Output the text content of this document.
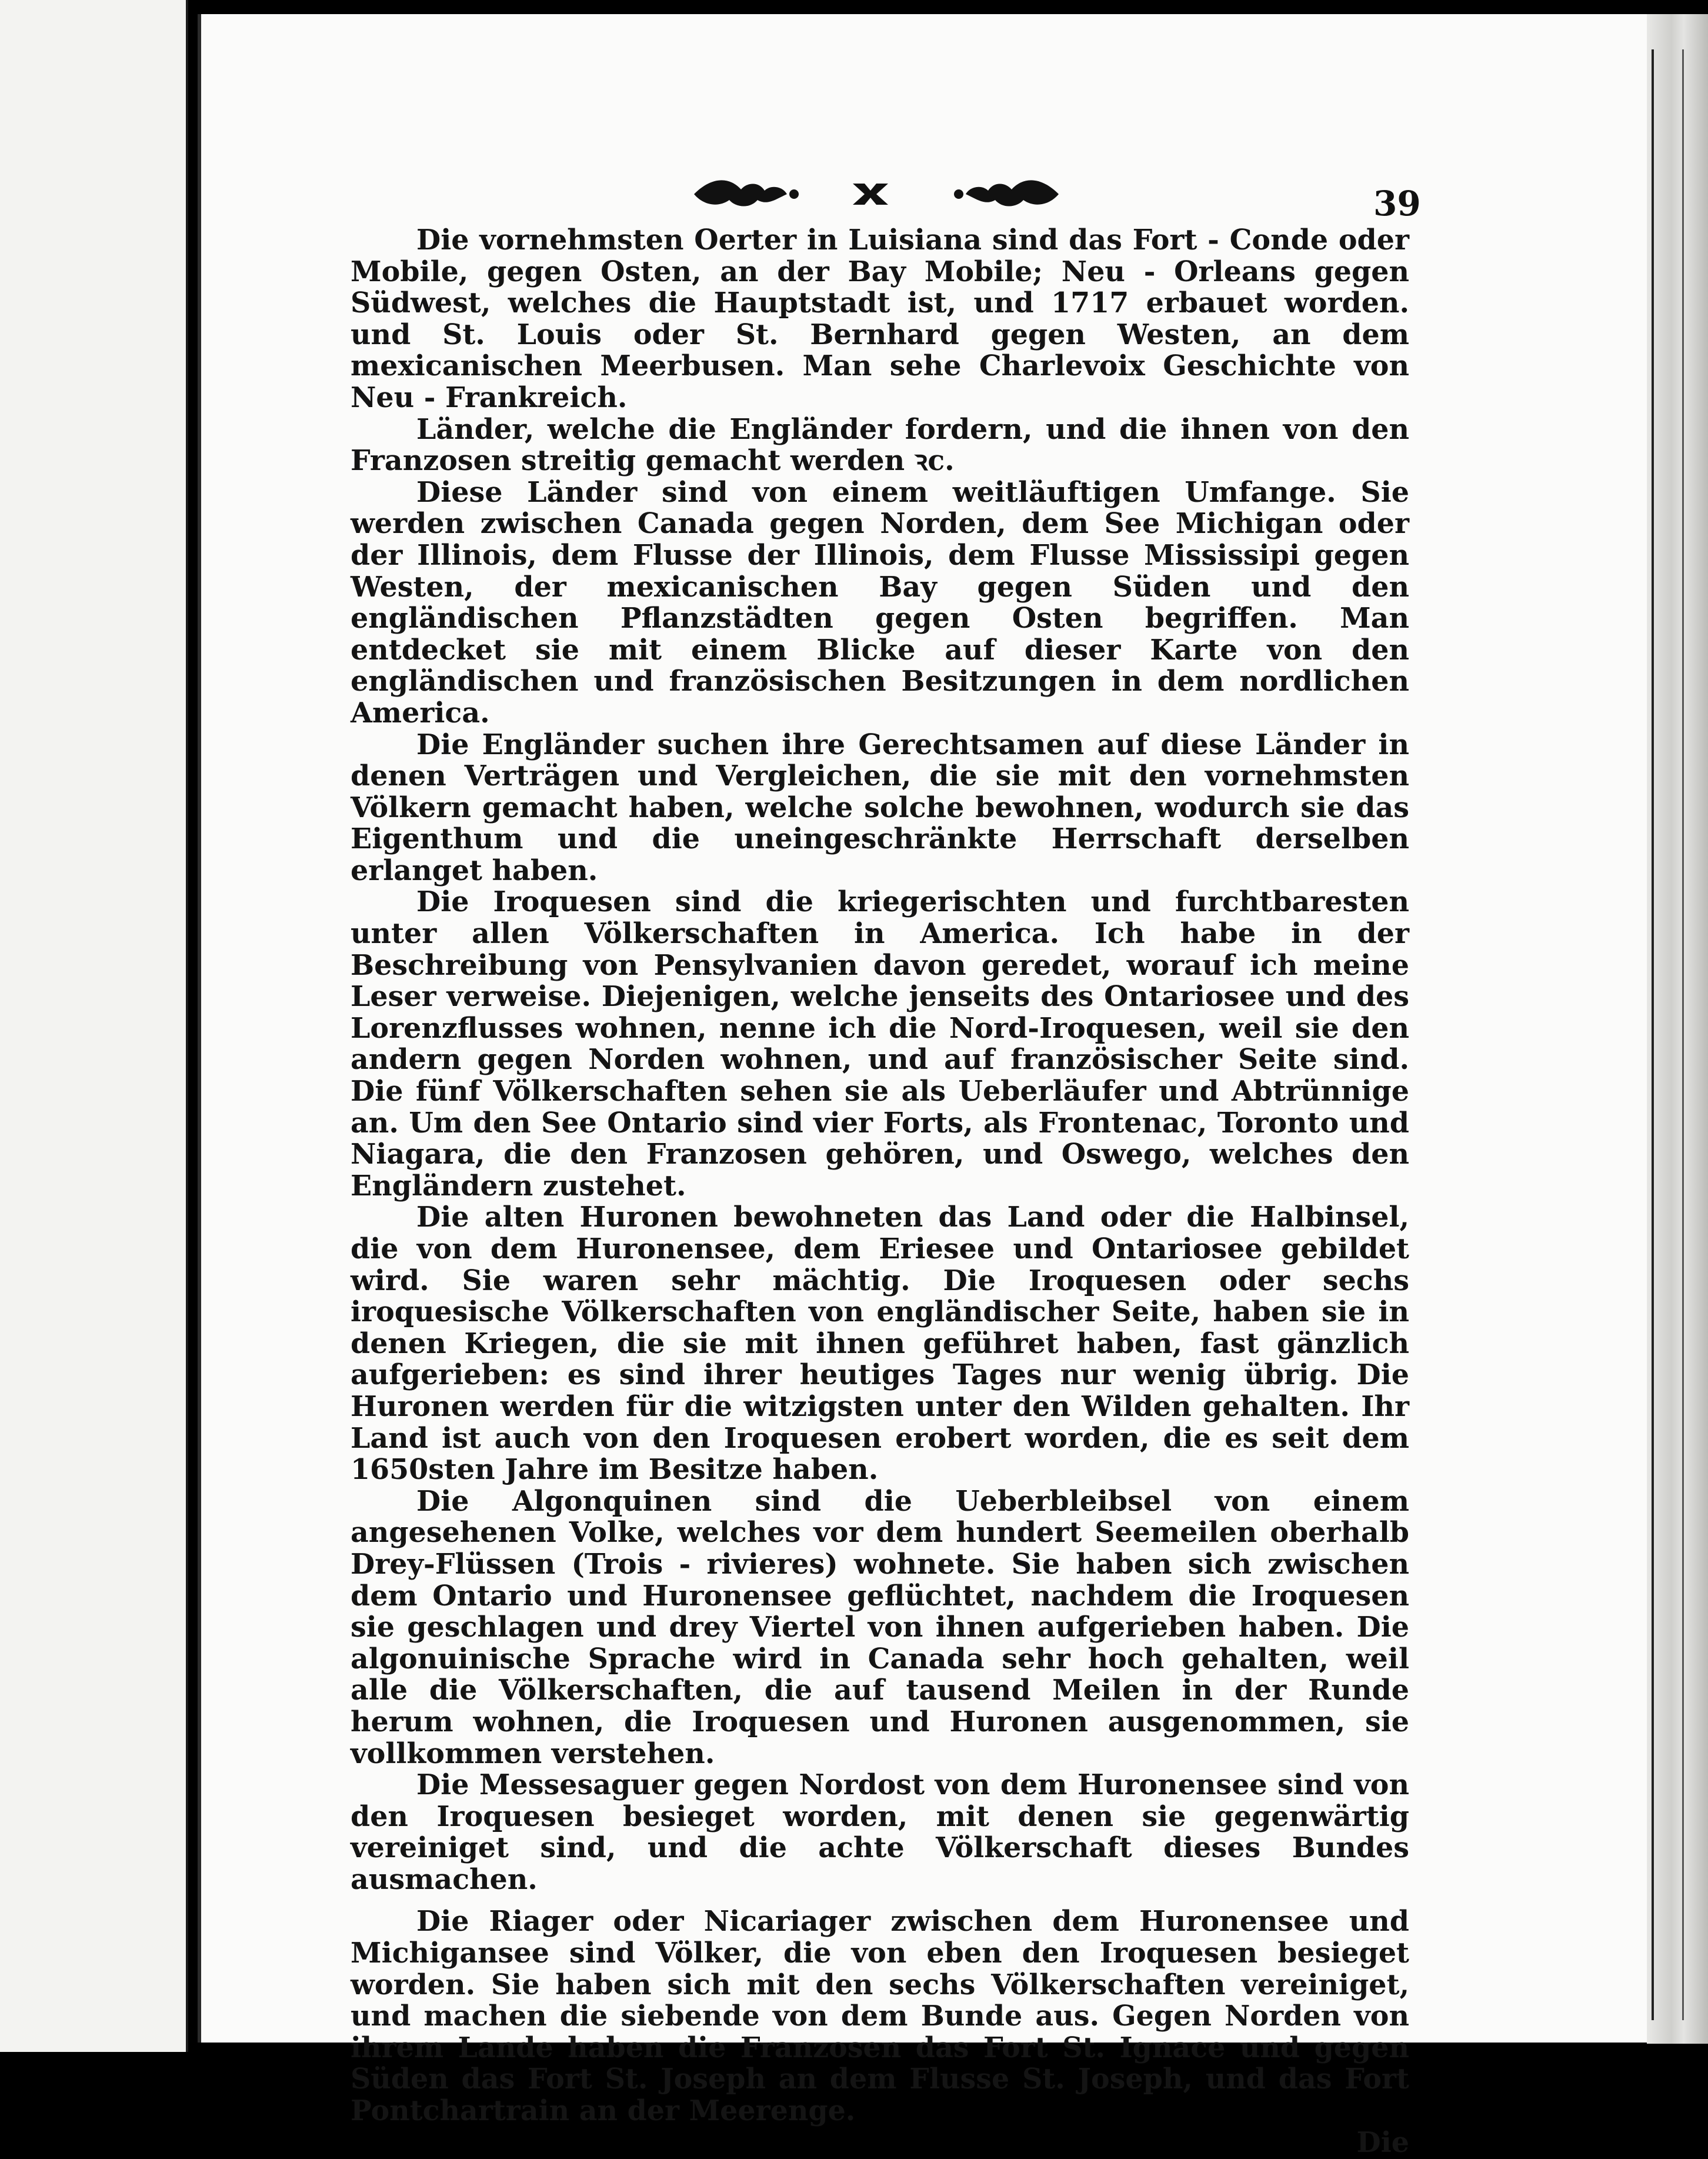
39

Die vornehmsten Oerter in Luisiana sind das Fort - Conde oder Mobile, gegen Osten, an der Bay Mobile; Neu - Orleans gegen Südwest, welches die Hauptstadt ist, und 1717 erbauet worden. und St. Louis oder St. Bernhard gegen Westen, an dem mexicanischen Meerbusen. Man sehe Charlevoix Geschichte von Neu - Frankreich.

Länder, welche die Engländer fordern, und die ihnen von den Franzosen streitig gemacht werden ꝛc.

Diese Länder sind von einem weitläuftigen Umfange. Sie werden zwischen Canada gegen Norden, dem See Michigan oder der Illinois, dem Flusse der Illinois, dem Flusse Mississipi gegen Westen, der mexicanischen Bay gegen Süden und den engländischen Pflanzstädten gegen Osten begriffen. Man entdecket sie mit einem Blicke auf dieser Karte von den engländischen und französischen Besitzungen in dem nordlichen America.

Die Engländer suchen ihre Gerechtsamen auf diese Länder in denen Verträgen und Vergleichen, die sie mit den vornehmsten Völkern gemacht haben, welche solche bewohnen, wodurch sie das Eigenthum und die uneingeschränkte Herrschaft derselben erlanget haben.

Die Iroquesen sind die kriegerischten und furchtbaresten unter allen Völkerschaften in America. Ich habe in der Beschreibung von Pensylvanien davon geredet, worauf ich meine Leser verweise. Diejenigen, welche jenseits des Ontariosee und des Lorenzflusses wohnen, nenne ich die Nord-Iroquesen, weil sie den andern gegen Norden wohnen, und auf französischer Seite sind. Die fünf Völkerschaften sehen sie als Ueberläufer und Abtrünnige an. Um den See Ontario sind vier Forts, als Frontenac, Toronto und Niagara, die den Franzosen gehören, und Oswego, welches den Engländern zustehet.

Die alten Huronen bewohneten das Land oder die Halbinsel, die von dem Huronensee, dem Eriesee und Ontariosee gebildet wird. Sie waren sehr mächtig. Die Iroquesen oder sechs iroquesische Völkerschaften von engländischer Seite, haben sie in denen Kriegen, die sie mit ihnen geführet haben, fast gänzlich aufgerieben: es sind ihrer heutiges Tages nur wenig übrig. Die Huronen werden für die witzigsten unter den Wilden gehalten. Ihr Land ist auch von den Iroquesen erobert worden, die es seit dem 1650sten Jahre im Besitze haben.

Die Algonquinen sind die Ueberbleibsel von einem angesehenen Volke, welches vor dem hundert Seemeilen oberhalb Drey-Flüssen (Trois - rivieres) wohnete. Sie haben sich zwischen dem Ontario und Huronensee geflüchtet, nachdem die Iroquesen sie geschlagen und drey Viertel von ihnen aufgerieben haben. Die algonuinische Sprache wird in Canada sehr hoch gehalten, weil alle die Völkerschaften, die auf tausend Meilen in der Runde herum wohnen, die Iroquesen und Huronen ausgenommen, sie vollkommen verstehen.

Die Messesaguer gegen Nordost von dem Huronensee sind von den Iroquesen besieget worden, mit denen sie gegenwärtig vereiniget sind, und die achte Völkerschaft dieses Bundes ausmachen.

Die Riager oder Nicariager zwischen dem Huronensee und Michigansee sind Völker, die von eben den Iroquesen besieget worden. Sie haben sich mit den sechs Völkerschaften vereiniget, und machen die siebende von dem Bunde aus. Gegen Norden von ihrem Lande haben die Franzosen das Fort St. Ignace und gegen Süden das Fort St. Joseph an dem Flusse St. Joseph, und das Fort Pontchartrain an der Meerenge.

Die
